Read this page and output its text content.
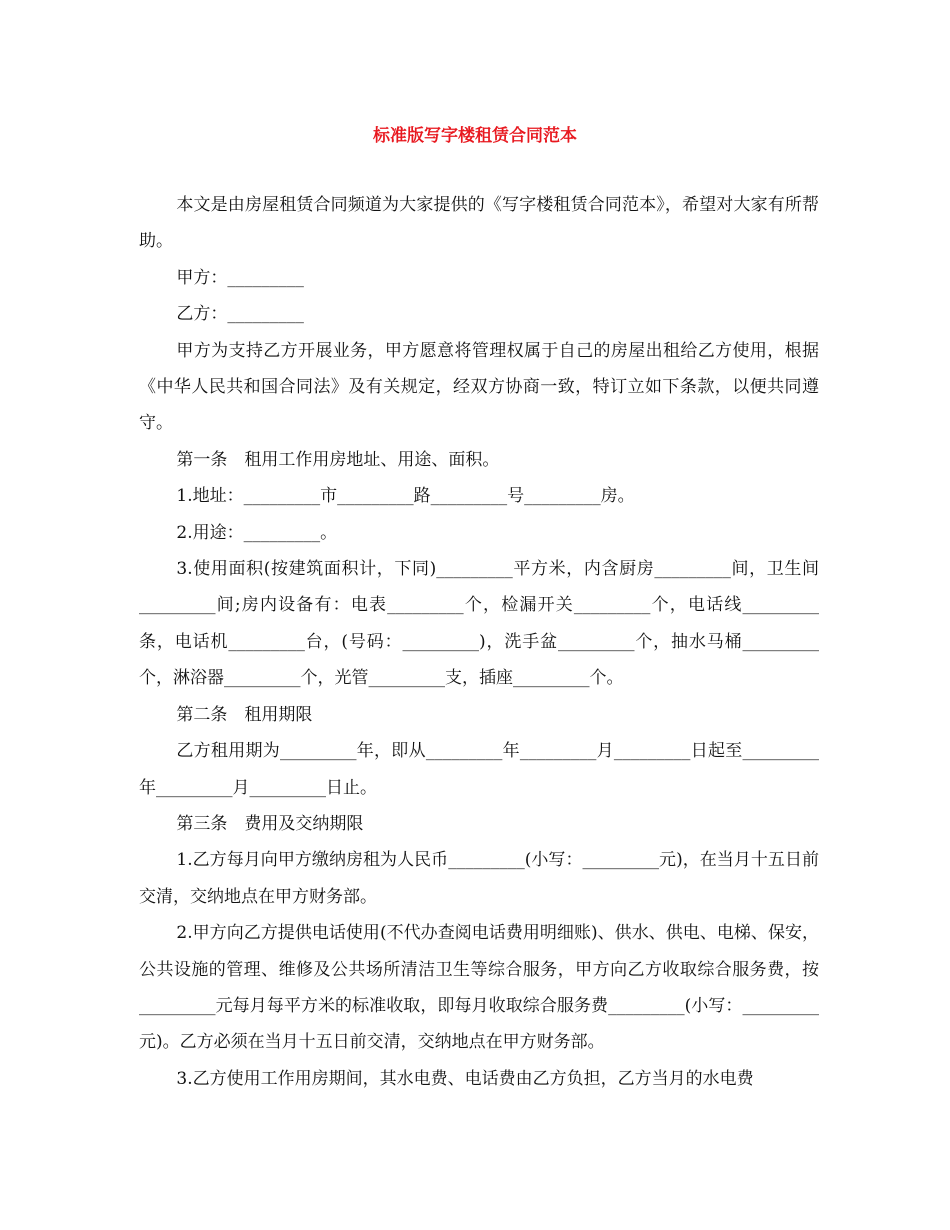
标准版写字楼租赁合同范本

本文是由房屋租赁合同频道为大家提供的《写字楼租赁合同范本》，希望对大家有所帮助。

甲方：_________

乙方：_________

甲方为支持乙方开展业务，甲方愿意将管理权属于自己的房屋出租给乙方使用，根据《中华人民共和国合同法》及有关规定，经双方协商一致，特订立如下条款，以便共同遵守。

第一条　租用工作用房地址、用途、面积。

1.地址：_________市_________路_________号_________房。

2.用途：_________。

3.使用面积(按建筑面积计，下同)_________平方米，内含厨房_________间，卫生间_________间;房内设备有：电表_________个，检漏开关_________个，电话线_________条，电话机_________台，(号码：_________)，洗手盆_________个，抽水马桶_________个，淋浴器_________个，光管_________支，插座_________个。

第二条　租用期限

乙方租用期为_________年，即从_________年_________月_________日起至_________年_________月_________日止。

第三条　费用及交纳期限

1.乙方每月向甲方缴纳房租为人民币_________(小写：_________元)，在当月十五日前交清，交纳地点在甲方财务部。

2.甲方向乙方提供电话使用(不代办查阅电话费用明细账)、供水、供电、电梯、保安，公共设施的管理、维修及公共场所清洁卫生等综合服务，甲方向乙方收取综合服务费，按_________元每月每平方米的标准收取，即每月收取综合服务费_________(小写：_________元)。乙方必须在当月十五日前交清，交纳地点在甲方财务部。

3.乙方使用工作用房期间，其水电费、电话费由乙方负担，乙方当月的水电费
